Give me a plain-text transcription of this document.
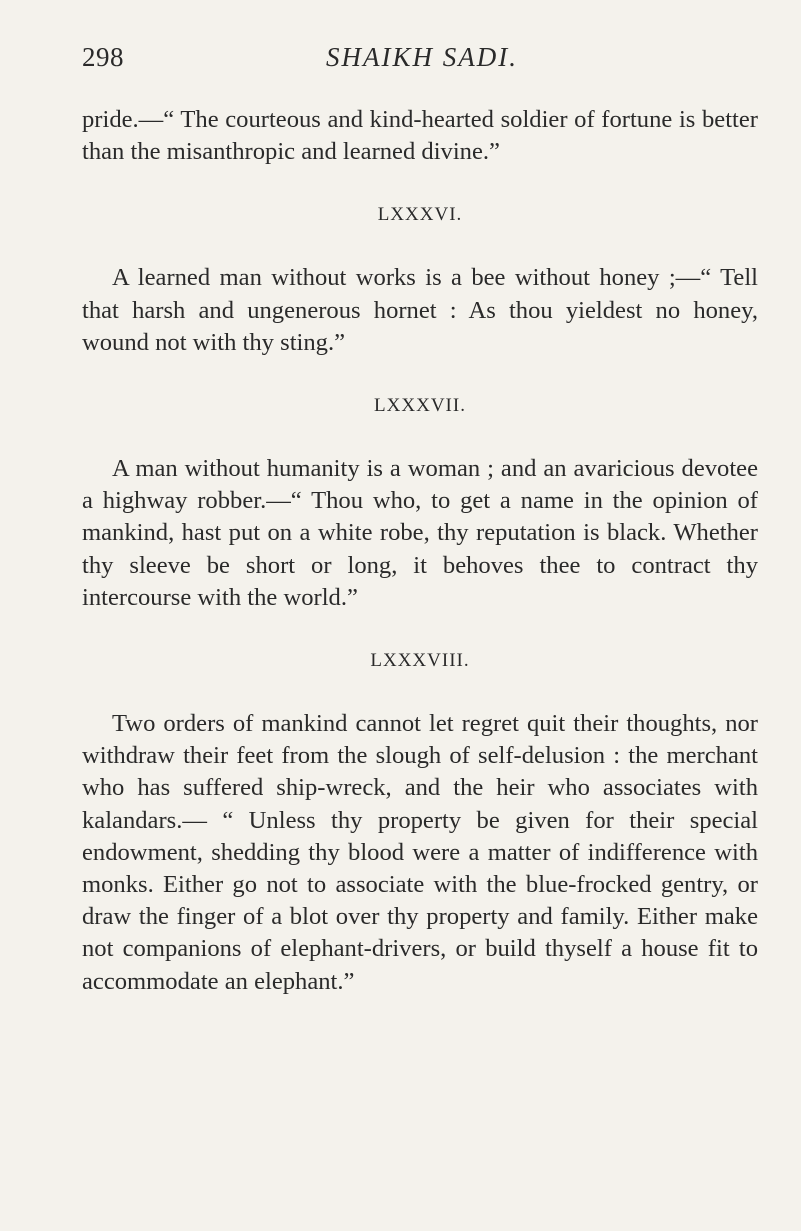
298	SHAIKH SADI.

pride.—“ The courteous and kind-hearted soldier of fortune is better than the misanthropic and learned divine.”

LXXXVI.

A learned man without works is a bee without honey ;—“ Tell that harsh and ungenerous hornet : As thou yieldest no honey, wound not with thy sting.”

LXXXVII.

A man without humanity is a woman ; and an avaricious devotee a highway robber.—“ Thou who, to get a name in the opinion of mankind, hast put on a white robe, thy reputation is black. Whether thy sleeve be short or long, it behoves thee to contract thy intercourse with the world.”

LXXXVIII.

Two orders of mankind cannot let regret quit their thoughts, nor withdraw their feet from the slough of self-delusion : the merchant who has suffered ship-wreck, and the heir who associates with kalandars.— “ Unless thy property be given for their special endowment, shedding thy blood were a matter of indifference with monks. Either go not to associate with the blue-frocked gentry, or draw the finger of a blot over thy property and family. Either make not companions of elephant-drivers, or build thyself a house fit to accommodate an elephant.”
